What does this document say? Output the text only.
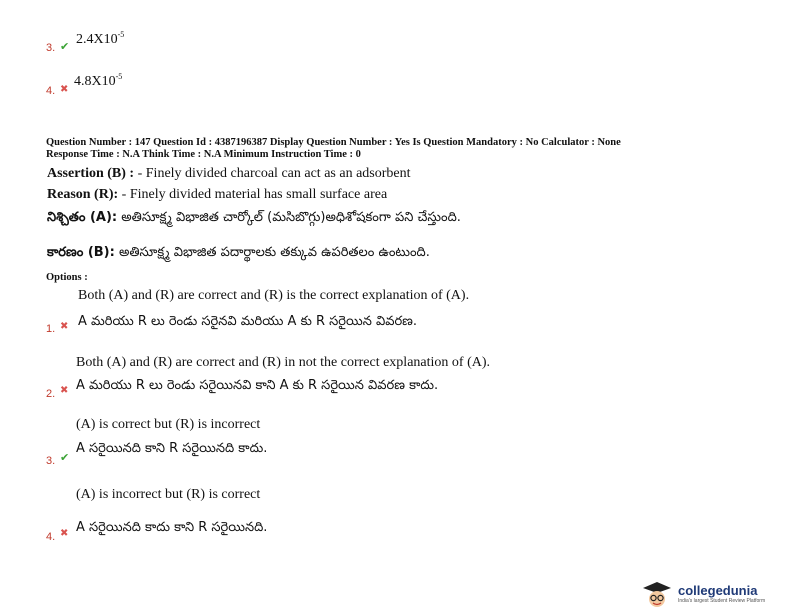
3. ✔ $2.4X10^{-5}$
4. ✖
$4.8X10^{-5}$
Question Number : 147 Question Id : 4387196387 Display Question Number : Yes Is Question Mandatory : No Calculator : None
Response Time : N.A Think Time : N.A Minimum Instruction Time : 0
Assertion (B) : - Finely divided charcoal can act as an adsorbent
Reason (R): - Finely divided material has small surface area
నిశ్చితం (A): అతిసూక్ష్మ విభాజిత చార్కోల్ (మసిబొగ్గు)అధిశోషకంగా పని చేస్తుంది.
కారణం (B): అతిసూక్ష్మ విభాజిత పదార్థాలకు తక్కువ ఉపరితలం ఉంటుంది.
Options :
Both (A) and (R) are correct and (R) is the correct explanation of (A).
1. ✖ A మరియు R లు రెండు సరైనవి మరియు A కు R సరైయిన వివరణ.
Both (A) and (R) are correct and (R) in not the correct explanation of (A).
2. ✖ A మరియు R లు రెండు సరైయినవి కాని A కు R సరైయిన వివరణ కాదు.
(A) is correct but (R) is incorrect
3. ✔
A సరైయినది కాని R సరైయినది కాదు.
(A) is incorrect but (R) is correct
4. ✖ A సరైయినది కాదు కాని R సరైయినది.
collegedunia
India's largest Student Review Platform
